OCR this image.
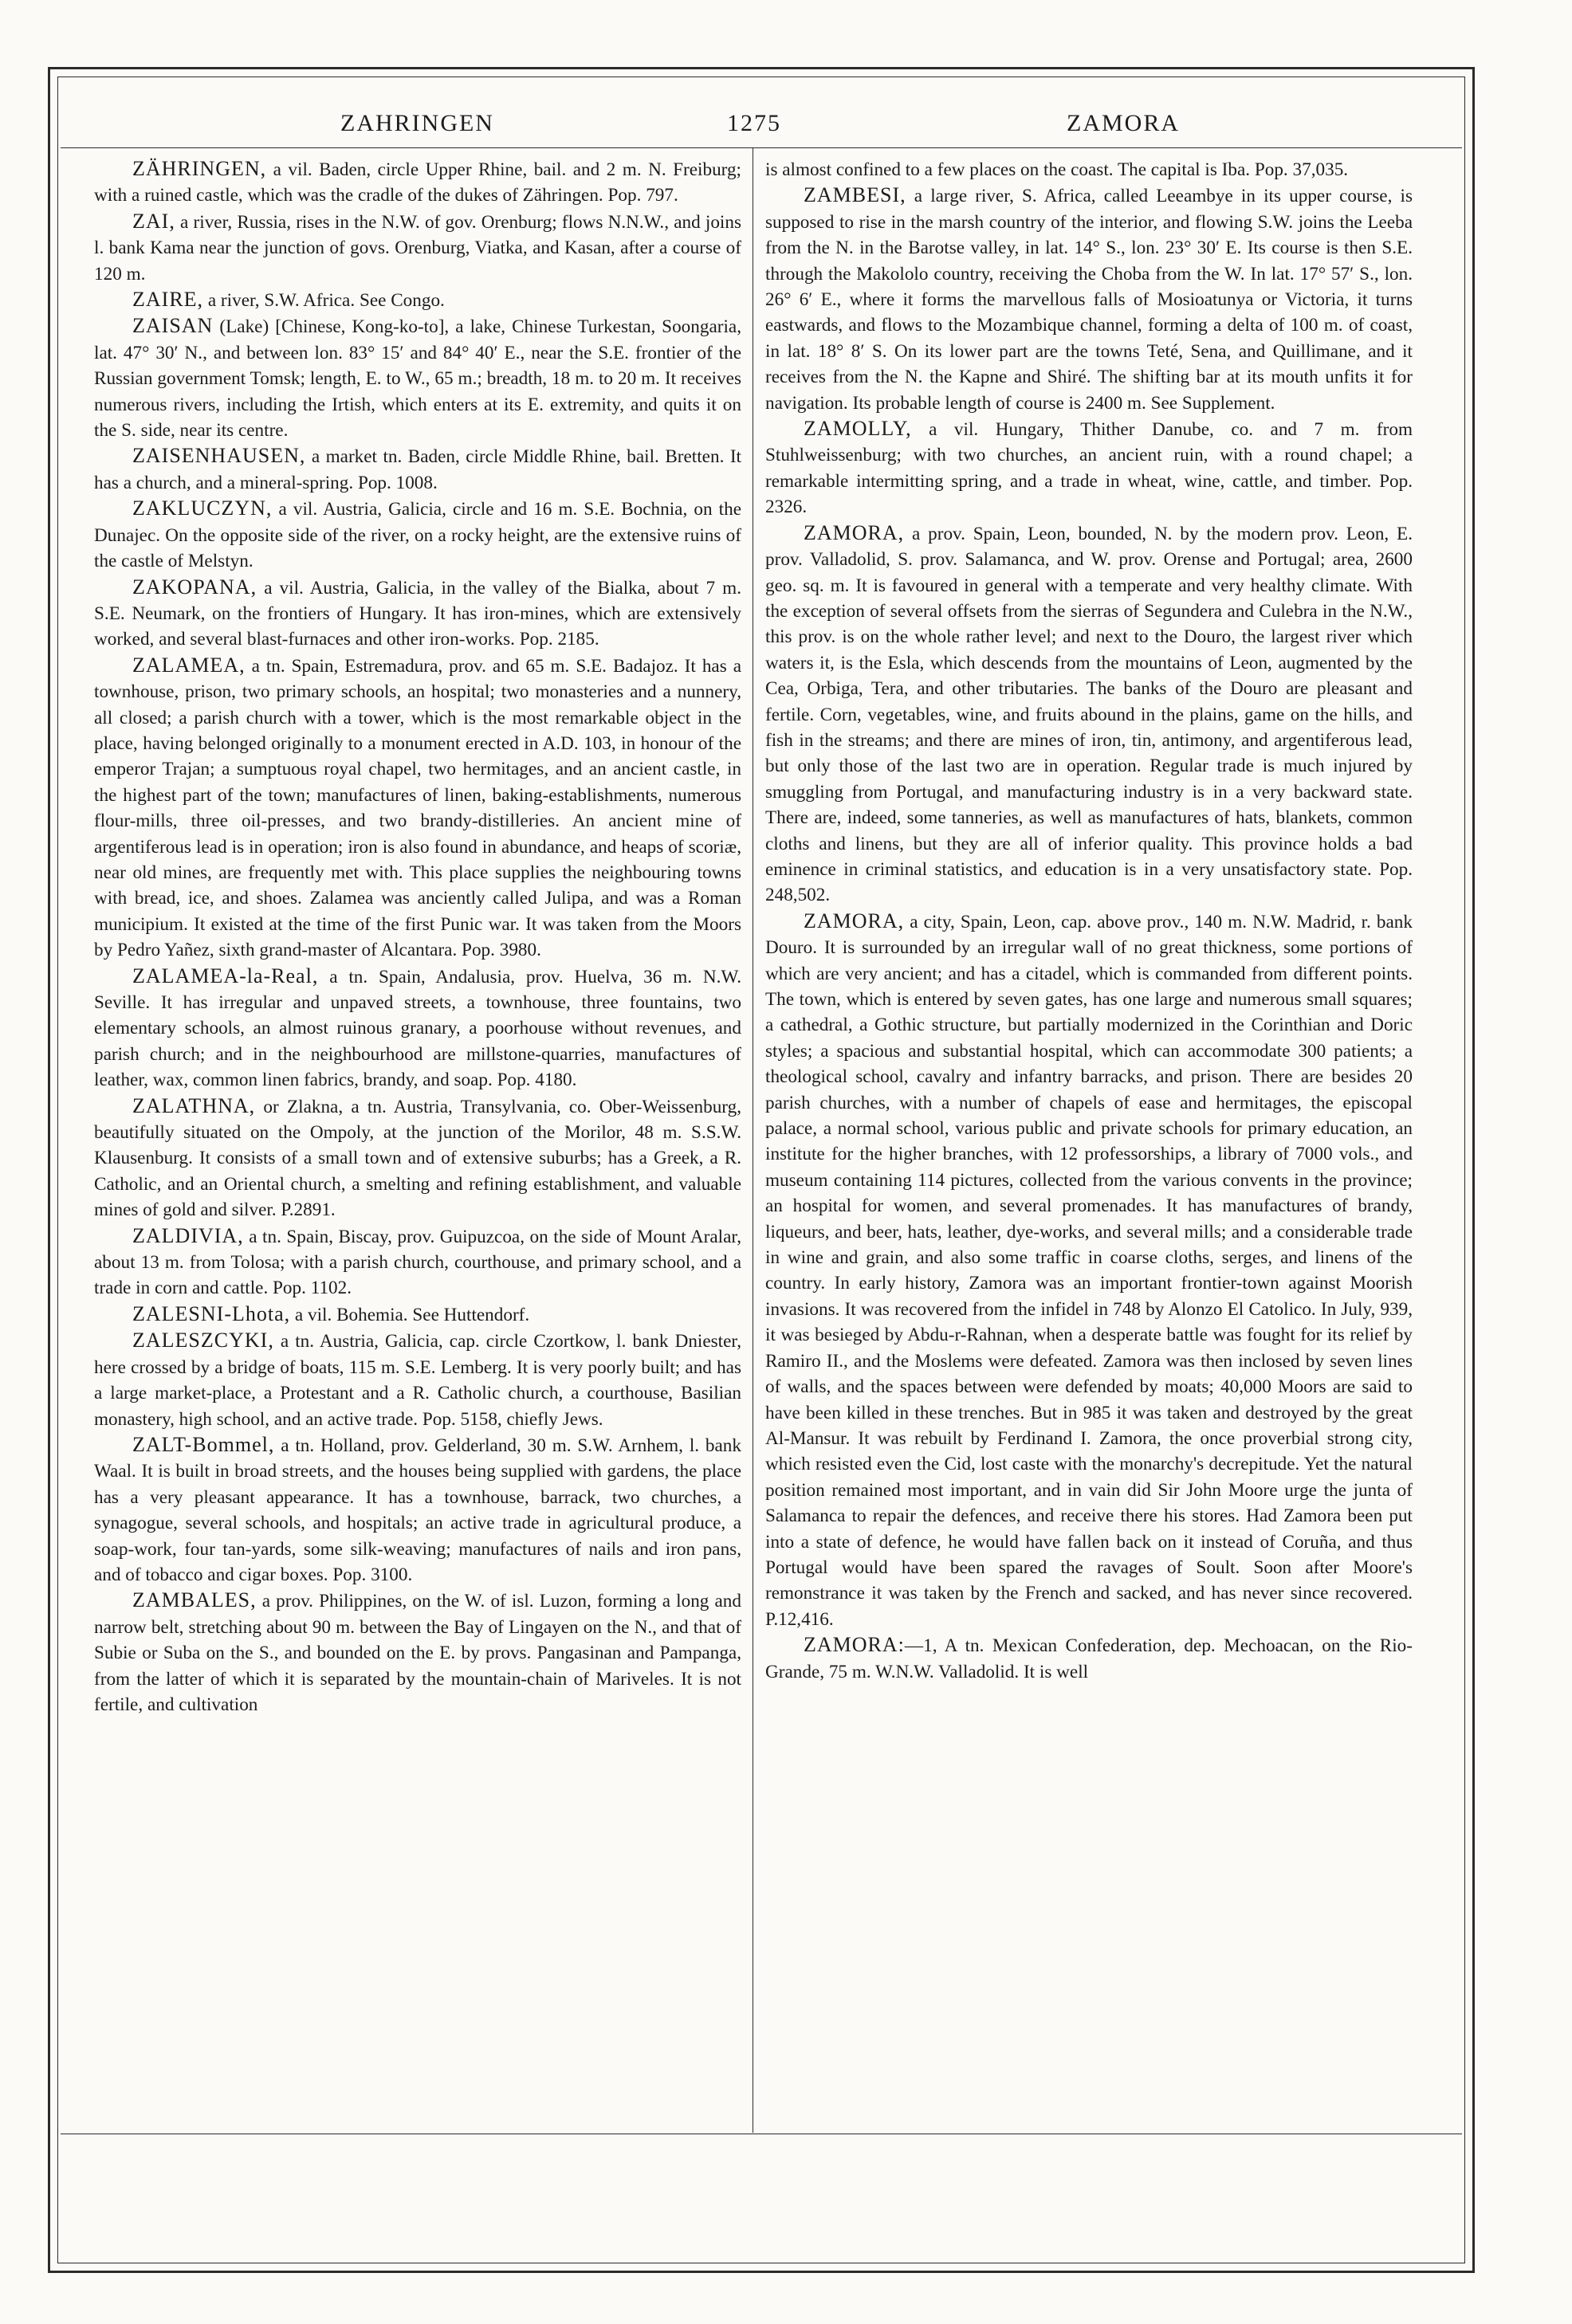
ZAHRINGEN	1275	ZAMORA

ZÄHRINGEN, a vil. Baden, circle Upper Rhine, bail. and 2 m. N. Freiburg; with a ruined castle, which was the cradle of the dukes of Zähringen. Pop. 797.

ZAI, a river, Russia, rises in the N.W. of gov. Orenburg; flows N.N.W., and joins l. bank Kama near the junction of govs. Orenburg, Viatka, and Kasan, after a course of 120 m.

ZAIRE, a river, S.W. Africa. See Congo.

ZAISAN (Lake) [Chinese, Kong-ko-to], a lake, Chinese Turkestan, Soongaria, lat. 47° 30′ N., and between lon. 83° 15′ and 84° 40′ E., near the S.E. frontier of the Russian government Tomsk; length, E. to W., 65 m.; breadth, 18 m. to 20 m. It receives numerous rivers, including the Irtish, which enters at its E. extremity, and quits it on the S. side, near its centre.

ZAISENHAUSEN, a market tn. Baden, circle Middle Rhine, bail. Bretten. It has a church, and a mineral-spring. Pop. 1008.

ZAKLUCZYN, a vil. Austria, Galicia, circle and 16 m. S.E. Bochnia, on the Dunajec. On the opposite side of the river, on a rocky height, are the extensive ruins of the castle of Melstyn.

ZAKOPANA, a vil. Austria, Galicia, in the valley of the Bialka, about 7 m. S.E. Neumark, on the frontiers of Hungary. It has iron-mines, which are extensively worked, and several blast-furnaces and other iron-works. Pop. 2185.

ZALAMEA, a tn. Spain, Estremadura, prov. and 65 m. S.E. Badajoz. It has a townhouse, prison, two primary schools, an hospital; two monasteries and a nunnery, all closed; a parish church with a tower, which is the most remarkable object in the place, having belonged originally to a monument erected in A.D. 103, in honour of the emperor Trajan; a sumptuous royal chapel, two hermitages, and an ancient castle, in the highest part of the town; manufactures of linen, baking-establishments, numerous flour-mills, three oil-presses, and two brandy-distilleries. An ancient mine of argentiferous lead is in operation; iron is also found in abundance, and heaps of scoriæ, near old mines, are frequently met with. This place supplies the neighbouring towns with bread, ice, and shoes. Zalamea was anciently called Julipa, and was a Roman municipium. It existed at the time of the first Punic war. It was taken from the Moors by Pedro Yañez, sixth grand-master of Alcantara. Pop. 3980.

ZALAMEA-la-Real, a tn. Spain, Andalusia, prov. Huelva, 36 m. N.W. Seville. It has irregular and unpaved streets, a townhouse, three fountains, two elementary schools, an almost ruinous granary, a poorhouse without revenues, and parish church; and in the neighbourhood are millstone-quarries, manufactures of leather, wax, common linen fabrics, brandy, and soap. Pop. 4180.

ZALATHNA, or Zlakna, a tn. Austria, Transylvania, co. Ober-Weissenburg, beautifully situated on the Ompoly, at the junction of the Morilor, 48 m. S.S.W. Klausenburg. It consists of a small town and of extensive suburbs; has a Greek, a R. Catholic, and an Oriental church, a smelting and refining establishment, and valuable mines of gold and silver. P.2891.

ZALDIVIA, a tn. Spain, Biscay, prov. Guipuzcoa, on the side of Mount Aralar, about 13 m. from Tolosa; with a parish church, courthouse, and primary school, and a trade in corn and cattle. Pop. 1102.

ZALESNI-Lhota, a vil. Bohemia. See Huttendorf.

ZALESZCYKI, a tn. Austria, Galicia, cap. circle Czortkow, l. bank Dniester, here crossed by a bridge of boats, 115 m. S.E. Lemberg. It is very poorly built; and has a large market-place, a Protestant and a R. Catholic church, a courthouse, Basilian monastery, high school, and an active trade. Pop. 5158, chiefly Jews.

ZALT-Bommel, a tn. Holland, prov. Gelderland, 30 m. S.W. Arnhem, l. bank Waal. It is built in broad streets, and the houses being supplied with gardens, the place has a very pleasant appearance. It has a townhouse, barrack, two churches, a synagogue, several schools, and hospitals; an active trade in agricultural produce, a soap-work, four tan-yards, some silk-weaving; manufactures of nails and iron pans, and of tobacco and cigar boxes. Pop. 3100.

ZAMBALES, a prov. Philippines, on the W. of isl. Luzon, forming a long and narrow belt, stretching about 90 m. between the Bay of Lingayen on the N., and that of Subie or Suba on the S., and bounded on the E. by provs. Pangasinan and Pampanga, from the latter of which it is separated by the mountain-chain of Mariveles. It is not fertile, and cultivation

is almost confined to a few places on the coast. The capital is Iba. Pop. 37,035.

ZAMBESI, a large river, S. Africa, called Leeambye in its upper course, is supposed to rise in the marsh country of the interior, and flowing S.W. joins the Leeba from the N. in the Barotse valley, in lat. 14° S., lon. 23° 30′ E. Its course is then S.E. through the Makololo country, receiving the Choba from the W. In lat. 17° 57′ S., lon. 26° 6′ E., where it forms the marvellous falls of Mosioatunya or Victoria, it turns eastwards, and flows to the Mozambique channel, forming a delta of 100 m. of coast, in lat. 18° 8′ S. On its lower part are the towns Teté, Sena, and Quillimane, and it receives from the N. the Kapne and Shiré. The shifting bar at its mouth unfits it for navigation. Its probable length of course is 2400 m. See Supplement.

ZAMOLLY, a vil. Hungary, Thither Danube, co. and 7 m. from Stuhlweissenburg; with two churches, an ancient ruin, with a round chapel; a remarkable intermitting spring, and a trade in wheat, wine, cattle, and timber. Pop. 2326.

ZAMORA, a prov. Spain, Leon, bounded, N. by the modern prov. Leon, E. prov. Valladolid, S. prov. Salamanca, and W. prov. Orense and Portugal; area, 2600 geo. sq. m. It is favoured in general with a temperate and very healthy climate. With the exception of several offsets from the sierras of Segundera and Culebra in the N.W., this prov. is on the whole rather level; and next to the Douro, the largest river which waters it, is the Esla, which descends from the mountains of Leon, augmented by the Cea, Orbiga, Tera, and other tributaries. The banks of the Douro are pleasant and fertile. Corn, vegetables, wine, and fruits abound in the plains, game on the hills, and fish in the streams; and there are mines of iron, tin, antimony, and argentiferous lead, but only those of the last two are in operation. Regular trade is much injured by smuggling from Portugal, and manufacturing industry is in a very backward state. There are, indeed, some tanneries, as well as manufactures of hats, blankets, common cloths and linens, but they are all of inferior quality. This province holds a bad eminence in criminal statistics, and education is in a very unsatisfactory state. Pop. 248,502.

ZAMORA, a city, Spain, Leon, cap. above prov., 140 m. N.W. Madrid, r. bank Douro. It is surrounded by an irregular wall of no great thickness, some portions of which are very ancient; and has a citadel, which is commanded from different points. The town, which is entered by seven gates, has one large and numerous small squares; a cathedral, a Gothic structure, but partially modernized in the Corinthian and Doric styles; a spacious and substantial hospital, which can accommodate 300 patients; a theological school, cavalry and infantry barracks, and prison. There are besides 20 parish churches, with a number of chapels of ease and hermitages, the episcopal palace, a normal school, various public and private schools for primary education, an institute for the higher branches, with 12 professorships, a library of 7000 vols., and museum containing 114 pictures, collected from the various convents in the province; an hospital for women, and several promenades. It has manufactures of brandy, liqueurs, and beer, hats, leather, dye-works, and several mills; and a considerable trade in wine and grain, and also some traffic in coarse cloths, serges, and linens of the country. In early history, Zamora was an important frontier-town against Moorish invasions. It was recovered from the infidel in 748 by Alonzo El Catolico. In July, 939, it was besieged by Abdu-r-Rahnan, when a desperate battle was fought for its relief by Ramiro II., and the Moslems were defeated. Zamora was then inclosed by seven lines of walls, and the spaces between were defended by moats; 40,000 Moors are said to have been killed in these trenches. But in 985 it was taken and destroyed by the great Al-Mansur. It was rebuilt by Ferdinand I. Zamora, the once proverbial strong city, which resisted even the Cid, lost caste with the monarchy's decrepitude. Yet the natural position remained most important, and in vain did Sir John Moore urge the junta of Salamanca to repair the defences, and receive there his stores. Had Zamora been put into a state of defence, he would have fallen back on it instead of Coruña, and thus Portugal would have been spared the ravages of Soult. Soon after Moore's remonstrance it was taken by the French and sacked, and has never since recovered. P.12,416.

ZAMORA:—1, A tn. Mexican Confederation, dep. Mechoacan, on the Rio-Grande, 75 m. W.N.W. Valladolid. It is well
